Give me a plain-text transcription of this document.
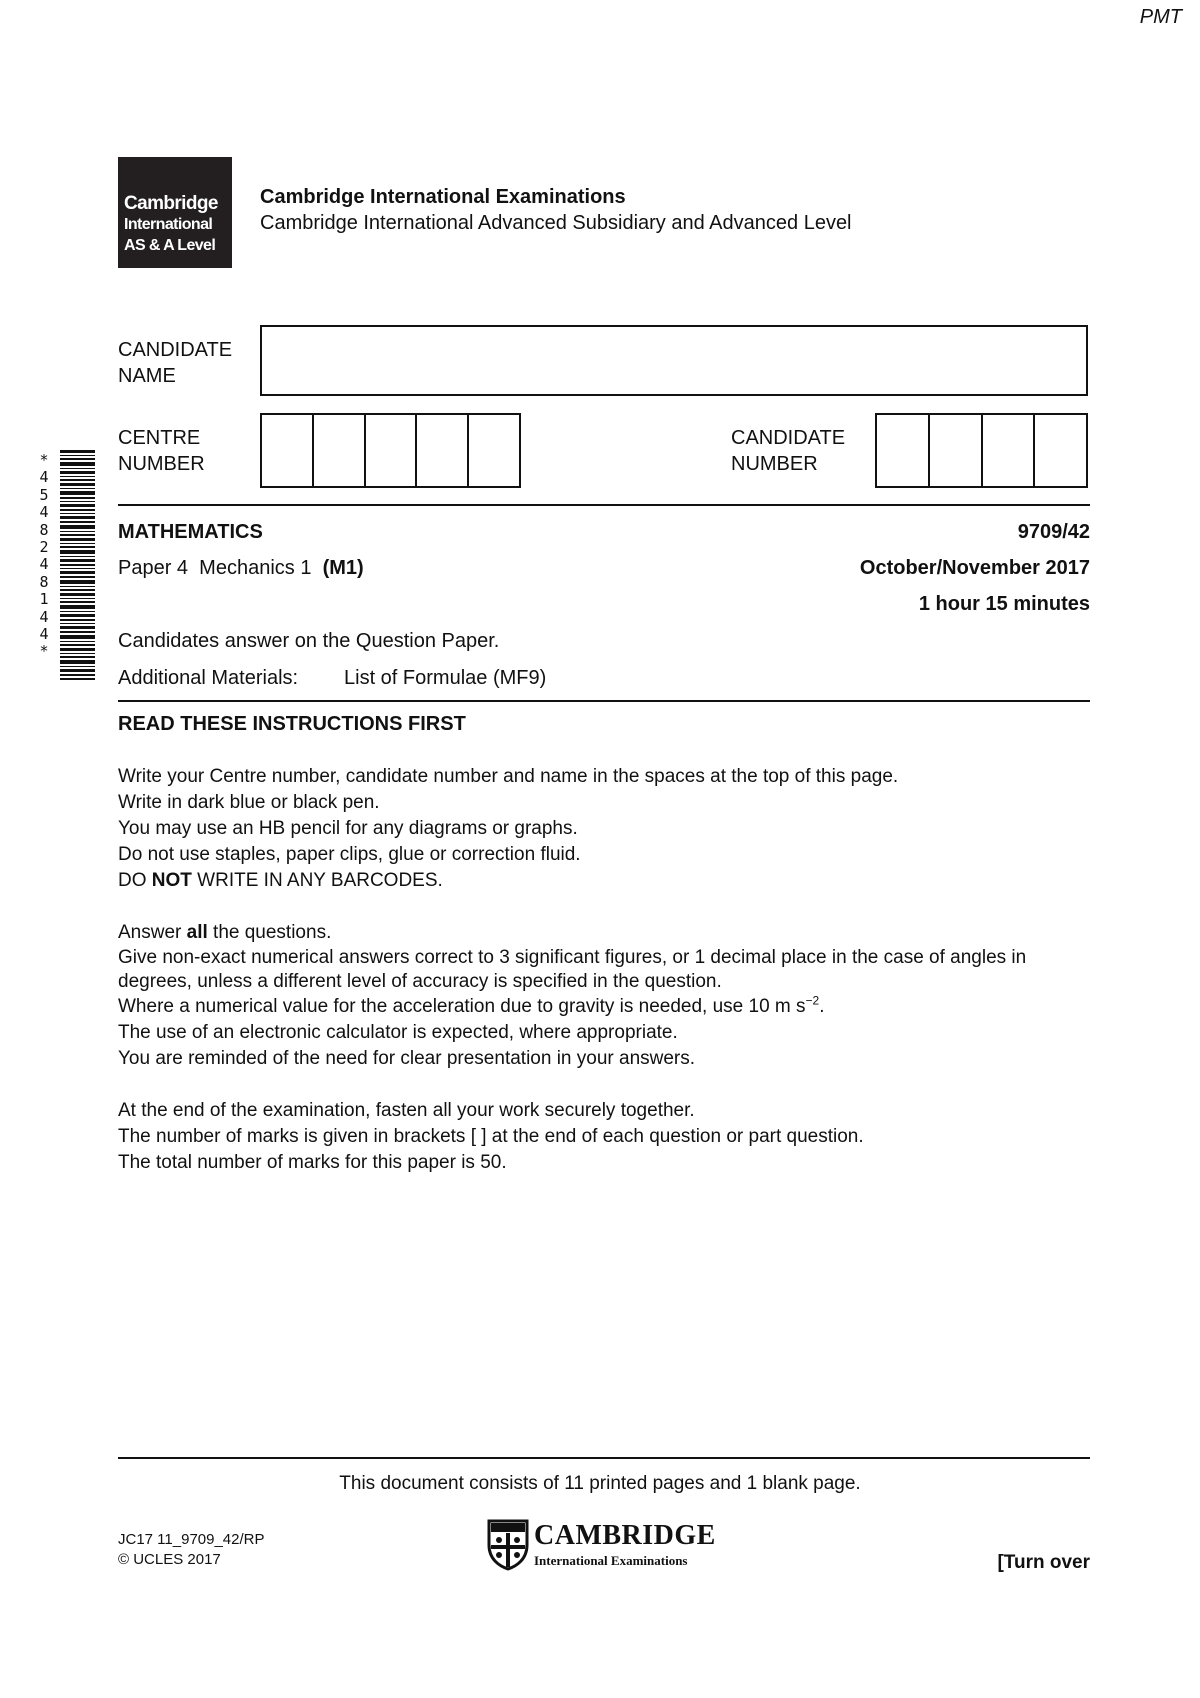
PMT
Cambridge
International
AS & A Level
Cambridge International Examinations
Cambridge International Advanced Subsidiary and Advanced Level
CANDIDATE
NAME
CENTRE
NUMBER
CANDIDATE
NUMBER
*
4
5
4
8
2
4
8
1
4
4
*
MATHEMATICS	9709/42
Paper 4  Mechanics 1  (M1)	October/November 2017
1 hour 15 minutes
Candidates answer on the Question Paper.
Additional Materials: List of Formulae (MF9)
READ THESE INSTRUCTIONS FIRST

Write your Centre number, candidate number and name in the spaces at the top of this page.

Write in dark blue or black pen.

You may use an HB pencil for any diagrams or graphs.

Do not use staples, paper clips, glue or correction fluid.

DO NOT WRITE IN ANY BARCODES.

Answer all the questions.

Give non-exact numerical answers correct to 3 significant figures, or 1 decimal place in the case of angles in degrees, unless a different level of accuracy is specified in the question.

Where a numerical value for the acceleration due to gravity is needed, use 10 m $s^{-2}$.

The use of an electronic calculator is expected, where appropriate.

You are reminded of the need for clear presentation in your answers.

At the end of the examination, fasten all your work securely together.

The number of marks is given in brackets [ ] at the end of each question or part question.

The total number of marks for this paper is 50.

This document consists of 11 printed pages and 1 blank page.
JC17 11_9709_42/RP
© UCLES 2017
CAMBRIDGE
International Examinations	[Turn over
